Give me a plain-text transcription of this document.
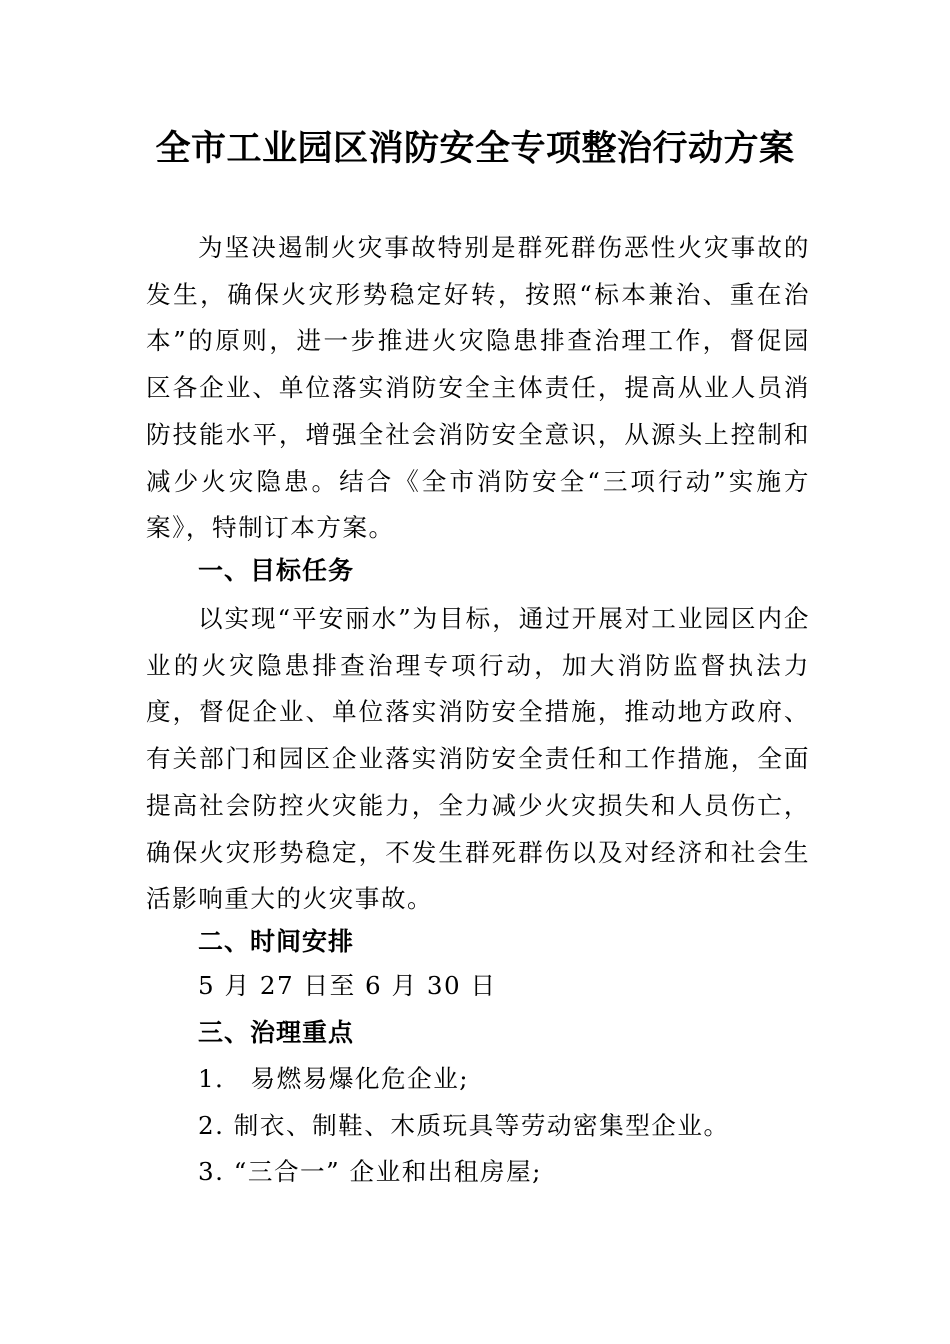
全市工业园区消防安全专项整治行动方案
为坚决遏制火灾事故特别是群死群伤恶性火灾事故的发生，确保火灾形势稳定好转，按照“标本兼治、重在治本”的原则，进一步推进火灾隐患排查治理工作，督促园区各企业、单位落实消防安全主体责任，提高从业人员消防技能水平，增强全社会消防安全意识，从源头上控制和减少火灾隐患。结合《全市消防安全“三项行动”实施方案》，特制订本方案。
一、目标任务
以实现“平安丽水”为目标，通过开展对工业园区内企业的火灾隐患排查治理专项行动，加大消防监督执法力度，督促企业、单位落实消防安全措施，推动地方政府、有关部门和园区企业落实消防安全责任和工作措施，全面提高社会防控火灾能力，全力减少火灾损失和人员伤亡，确保火灾形势稳定，不发生群死群伤以及对经济和社会生活影响重大的火灾事故。
二、时间安排
5 月 27 日至 6 月 30 日
三、治理重点
1． 易燃易爆化危企业;
2. 制衣、制鞋、木质玩具等劳动密集型企业。
3. “三合一” 企业和出租房屋;
